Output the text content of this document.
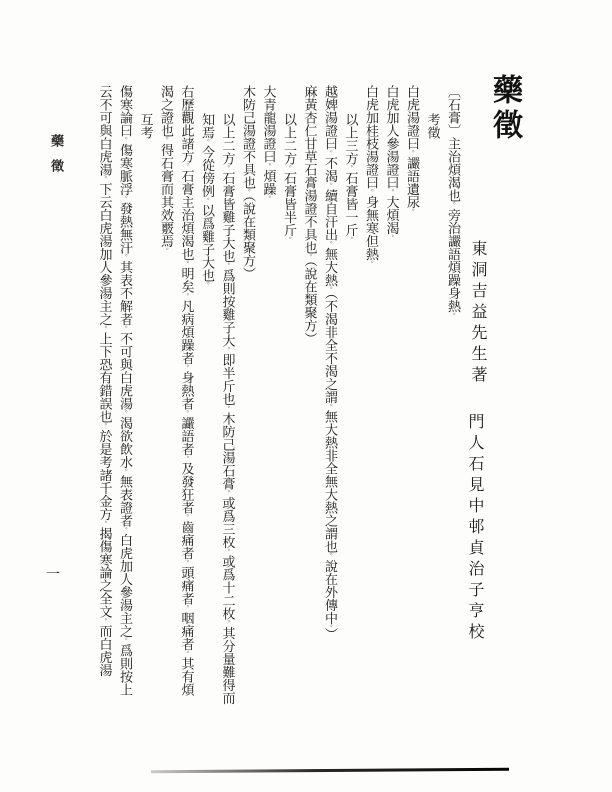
藥徵
東洞吉益先生著
門人石見中邨貞治子亨校
〔石膏〕主治煩渴也。旁治讝語煩躁身熱。
考徵
白虎湯證曰。讝語遺尿。
白虎加人參湯證曰。大煩渴。
白虎加桂枝湯證曰。身無寒但熱。
以上三方。石膏皆一斤。
越婢湯證曰。不渴。續自汗出。無大熱。（不渴非全不渴之謂。無大熱非全無大熱之謂也。說在外傳中。）
麻黃杏仁甘草石膏湯證不具也。（說在類聚方）
以上二方。石膏皆半斤。
大青龍湯證曰。煩躁。
木防己湯證不具也。（說在類聚方）
以上二方。石膏皆雞子大也。爲則按雞子大。即半斤也。木防己湯石膏。或爲三枚。或爲十二枚。其分量難得而
知焉。今從傍例。以爲雞子大也。
右歷觀此諸方。石膏主治煩渴也。明矣。凡病煩躁者。身熱者。讝語者。及發狂者。齒痛者。頭痛者。咽痛者。其有煩
渴之證也。得石膏而其效覈焉。
互考
傷寒論曰。傷寒脈浮。發熱無汗。其表不解者。不可與白虎湯。渴欲飲水。無表證者。白虎加人參湯主之。爲則按上
云不可與白虎湯。下云白虎湯加人參湯主之。上下恐有錯誤也。於是考諸千金方。揭傷寒論之全文。而白虎湯
藥徵
一
